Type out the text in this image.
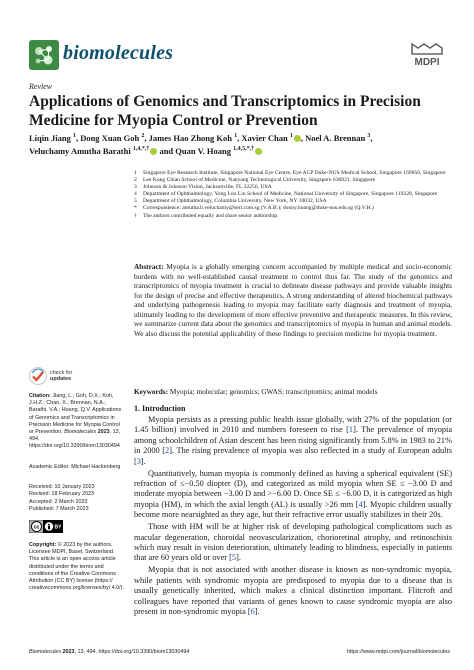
biomolecules	MDPI
Review
Applications of Genomics and Transcriptomics in Precision Medicine for Myopia Control or Prevention
Liqin Jiang $^1$, Dong Xuan Goh $^2$, James Hao Zhong Koh $^1$, Xavier Chan $^1$ , Noel A. Brennan $^3$,
Veluchamy Amutha Barathi $^{1,4,*,\dagger}$ and Quan V. Hoang $^{1,4,5,*,\dagger}$
1	Singapore Eye Research Institute, Singapore National Eye Centre, Eye ACP Duke-NUS Medical School, Singapore 169856, Singapore
2	Lee Kong Chian School of Medicine, Nanyang Technological University, Singapore 636921, Singapore
3	Johnson & Johnson Vision, Jacksonville, FL 32256, USA
4	Department of Ophthalmology, Yong Loo Lin School of Medicine, National University of Singapore, Singapore 119228, Singapore
5	Department of Ophthalmology, Columbia University, New York, NY 10032, USA
*	Correspondence: amutha.b.veluchamy@seri.com.sg (V.A.B.); donny.hoang@duke-nus.edu.sg (Q.V.H.)
†	The authors contributed equally and share senior authorship.
Abstract: Myopia is a globally emerging concern accompanied by multiple medical and socio-economic burdens with no well-established causal treatment to control thus far. The study of the genomics and transcriptomics of myopia treatment is crucial to delineate disease pathways and provide valuable insights for the design of precise and effective therapeutics. A strong understanding of altered biochemical pathways and underlying pathogenesis leading to myopia may facilitate early diagnosis and treatment of myopia, ultimately leading to the development of more effective preventive and therapeutic measures. In this review, we summarize current data about the genomics and transcriptomics of myopia in human and animal models. We also discuss the potential applicability of these findings to precision medicine for myopia treatment.
Keywords: Myopia; molecular; genomics; GWAS; transcriptomics; animal models
check for
updates
Citation: Jiang, L.; Goh, D.X.; Koh, J.H.Z.; Chan, X.; Brennan, N.A.; Barathi, V.A.; Hoang, Q.V. Applications of Genomics and Transcriptomics in Precision Medicine for Myopia Control or Prevention. Biomolecules 2023, 13, 494. https://doi.org/10.3390/biom13030494
Academic Editor: Michael Hackenberg
Received: 10 January 2023
Revised: 18 February 2023
Accepted: 2 March 2023
Published: 7 March 2023
cc	BY
Copyright: © 2023 by the authors. Licensee MDPI, Basel, Switzerland. This article is an open access article distributed under the terms and conditions of the Creative Commons Attribution (CC BY) license (https:// creativecommons.org/licenses/by/ 4.0/).
1. Introduction

Myopia persists as a pressing public health issue globally, with 27% of the population (or 1.45 billion) involved in 2010 and numbers foreseen to rise [1]. The prevalence of myopia among schoolchildren of Asian descent has been rising significantly from 5.8% in 1983 to 21% in 2000 [2]. The rising prevalence of myopia was also reflected in a study of European adults [3].

Quantitatively, human myopia is commonly defined as having a spherical equivalent (SE) refraction of ≤−0.50 diopter (D), and categorized as mild myopia when SE ≤ −3.00 D and moderate myopia between −3.00 D and >−6.00 D. Once SE ≤ −6.00 D, it is categorized as high myopia (HM), in which the axial length (AL) is usually >26 mm [4]. Myopic children usually become more nearsighted as they age, but their refractive error usually stabilizes in their 20s.

Those with HM will be at higher risk of developing pathological complications such as macular degeneration, choroidal neovascularization, chorioretinal atrophy, and retinoschisis which may result in vision deterioration, ultimately leading to blindness, especially in patients that are 60 years old or over [5].

Myopia that is not associated with another disease is known as non-syndromic myopia, while patients with syndromic myopia are predisposed to myopia due to a disease that is usually genetically inherited, which makes a clinical distinction important. Flitcroft and colleagues have reported that variants of genes known to cause syndromic myopia are also present in non-syndromic myopia [6].

Biomolecules 2023, 13, 494. https://doi.org/10.3390/biom13030494	https://www.mdpi.com/journal/biomolecules
